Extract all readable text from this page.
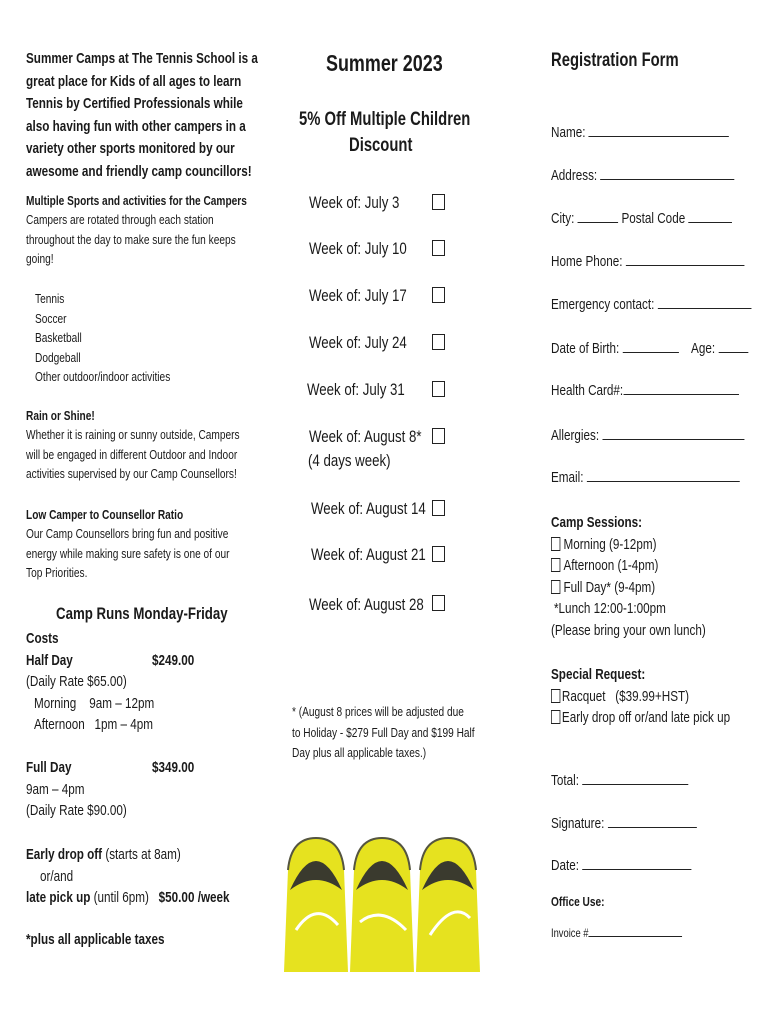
Summer Camps at The Tennis School is a
great place for Kids of all ages to learn
Tennis by Certified Professionals while
also having fun with other campers in a
variety other sports monitored by our
awesome and friendly camp councillors!
Multiple Sports and activities for the Campers
Campers are rotated through each station
throughout the day to make sure the fun keeps
going!
Tennis
Soccer
Basketball
Dodgeball
Other outdoor/indoor activities
Rain or Shine!
Whether it is raining or sunny outside, Campers
will be engaged in different Outdoor and Indoor
activities supervised by our Camp Counsellors!
Low Camper to Counsellor Ratio
Our Camp Counsellors bring fun and positive
energy while making sure safety is one of our
Top Priorities.
Camp Runs Monday-Friday
Costs
Half Day	$249.00
(Daily Rate $65.00)
Morning    9am – 12pm
Afternoon   1pm – 4pm
Full Day	$349.00
9am – 4pm
(Daily Rate $90.00)
Early drop off (starts at 8am)
or/and
late pick up (until 6pm) $50.00 /week
*plus all applicable taxes
Summer 2023
5% Off Multiple Children
Discount
Week of: July 3
Week of: July 10
Week of: July 17
Week of: July 24
Week of: July 31
Week of: August 8*
(4 days week)
Week of: August 14
Week of: August 21
Week of: August 28
* (August 8 prices will be adjusted due
to Holiday - $279 Full Day and $199 Half
Day plus all applicable taxes.)
Registration Form
Name:
Address:
City:	Postal Code
Home Phone:
Emergency contact:
Date of Birth:	Age:
Health Card#:
Allergies:
Email:
Camp Sessions:
Morning (9-12pm)
Afternoon (1-4pm)
Full Day* (9-4pm)
*Lunch 12:00-1:00pm
(Please bring your own lunch)
Special Request:
Racquet   ($39.99+HST)
Early drop off or/and late pick up
Total:
Signature:
Date:
Office Use:
Invoice #
